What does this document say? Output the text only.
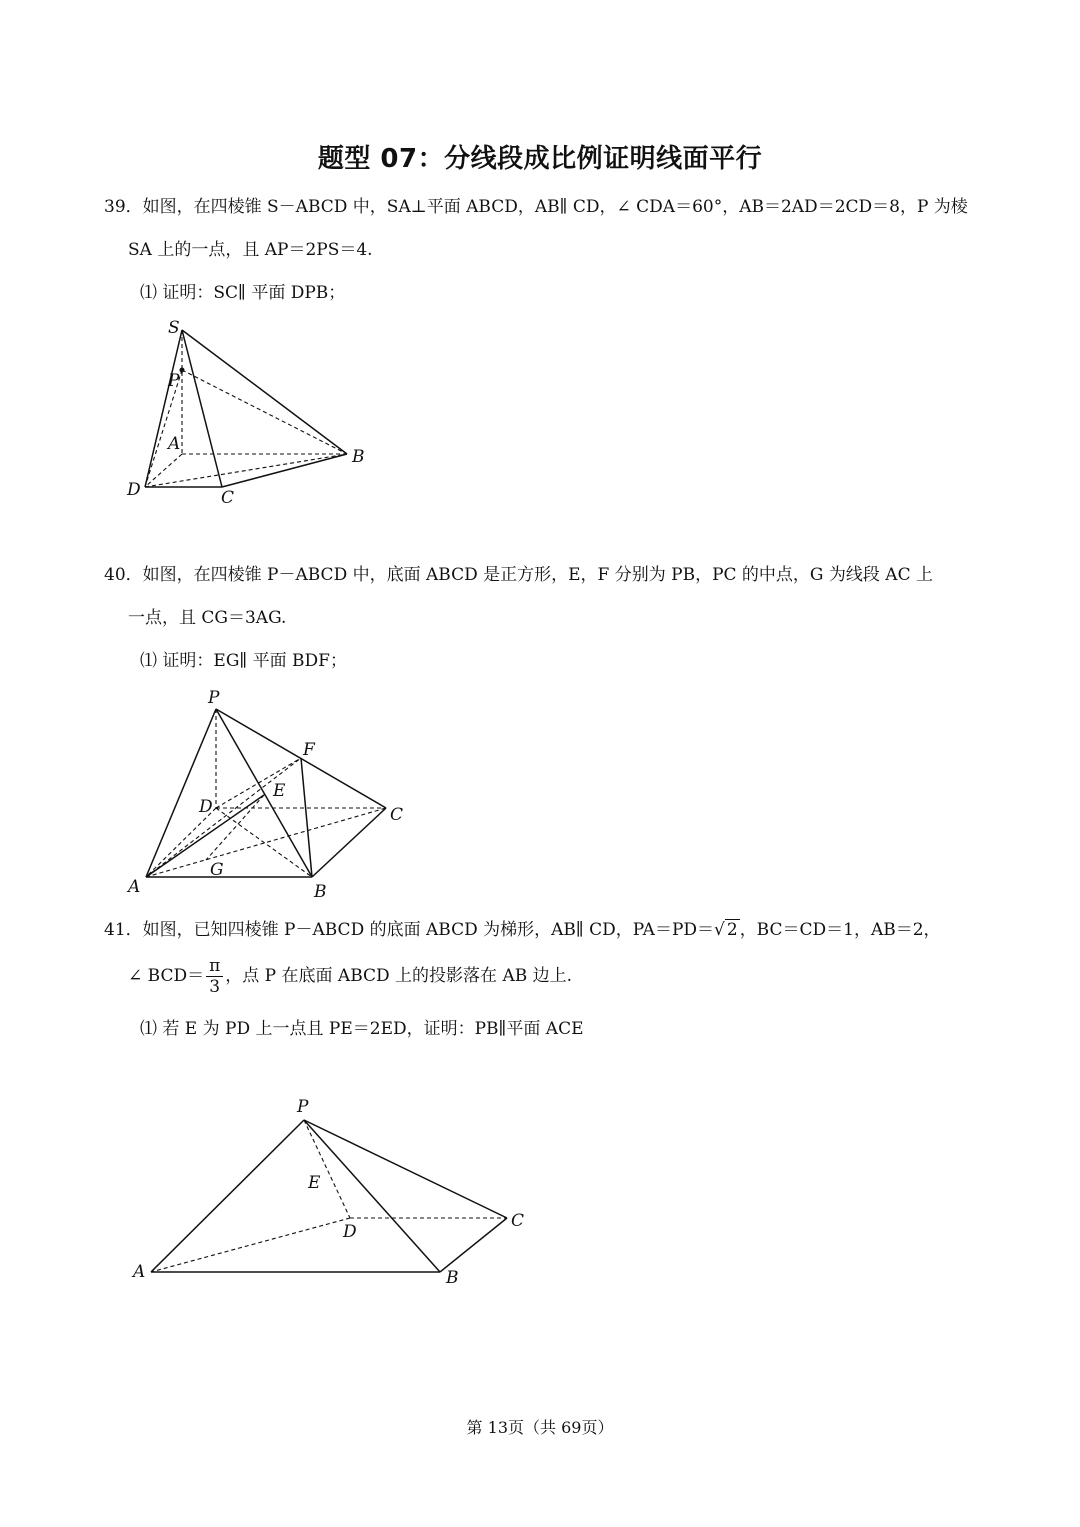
题型 07：分线段成比例证明线面平行
39．如图，在四棱锥 S－ABCD 中，SA⊥平面 ABCD，AB∥ CD，∠ CDA＝60°，AB＝2AD＝2CD＝8，P 为棱
SA 上的一点，且 AP＝2PS＝4.
⑴ 证明：SC∥ 平面 DPB；
S
P
A
B
D	C
40．如图，在四棱锥 P－ABCD 中，底面 ABCD 是正方形，E，F 分别为 PB，PC 的中点，G 为线段 AC 上
一点，且 CG＝3AG.
⑴ 证明：EG∥ 平面 BDF；
P
F
E
D	C
G
A	B
41．如图，已知四棱锥 P－ABCD 的底面 ABCD 为梯形，AB∥ CD，PA＝PD＝√ 2 ，BC＝CD＝1，AB＝2，
∠ $BCD= \frac{\pi}{3}$ ，点 P 在底面 ABCD 上的投影落在 AB 边上.
⑴ 若 E 为 PD 上一点且 PE＝2ED，证明：PB∥平面 ACE
P
E
D
C
A	B
第 13页（共 69页）
